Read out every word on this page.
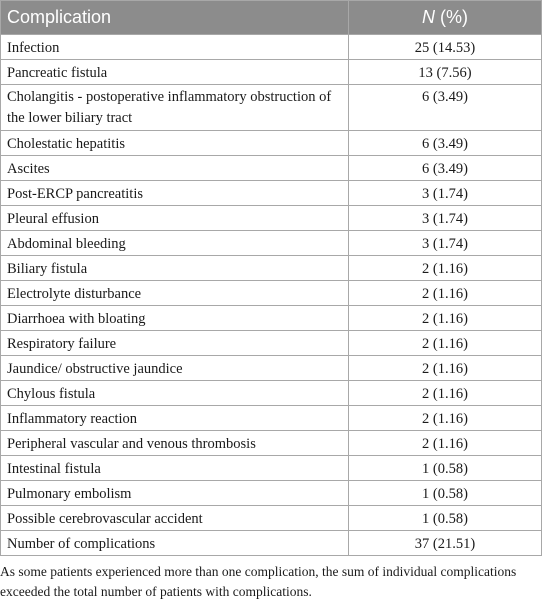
Complication	N (%)
Infection	25 (14.53)
Pancreatic fistula	13 (7.56)
Cholangitis - postoperative inflammatory obstruction of the lower biliary tract	6 (3.49)
Cholestatic hepatitis	6 (3.49)
Ascites	6 (3.49)
Post-ERCP pancreatitis	3 (1.74)
Pleural effusion	3 (1.74)
Abdominal bleeding	3 (1.74)
Biliary fistula	2 (1.16)
Electrolyte disturbance	2 (1.16)
Diarrhoea with bloating	2 (1.16)
Respiratory failure	2 (1.16)
Jaundice/ obstructive jaundice	2 (1.16)
Chylous fistula	2 (1.16)
Inflammatory reaction	2 (1.16)
Peripheral vascular and venous thrombosis	2 (1.16)
Intestinal fistula	1 (0.58)
Pulmonary embolism	1 (0.58)
Possible cerebrovascular accident	1 (0.58)
Number of complications	37 (21.51)

As some patients experienced more than one complication, the sum of individual complications exceeded the total number of patients with complications.
